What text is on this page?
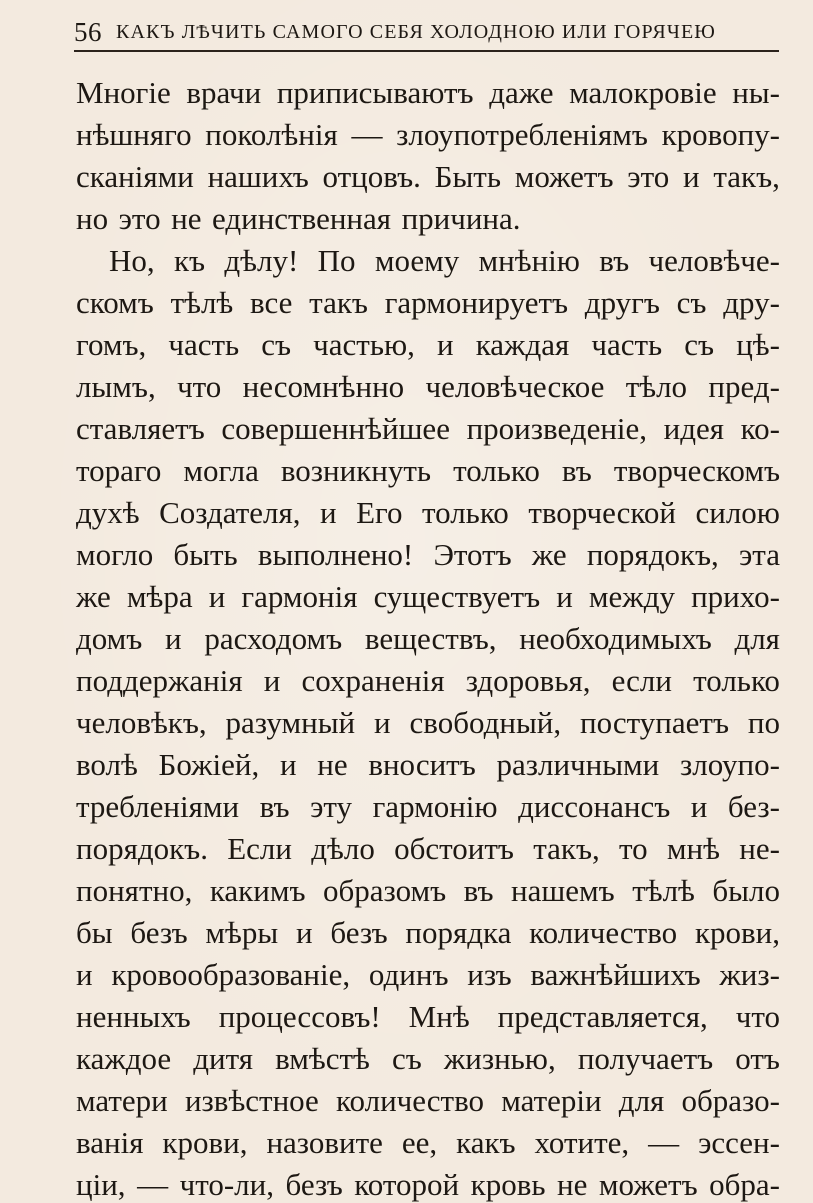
56 КАКЪ ЛѢЧИТЬ САМОГО СЕБЯ ХОЛОДНОЮ ИЛИ ГОРЯЧЕЮ
Многіе врачи приписываютъ даже малокровіе ны-
нѣшняго поколѣнія — злоупотребленіямъ кровопу-
сканіями нашихъ отцовъ. Быть можетъ это и такъ,
но это не единственная причина.
Но, къ дѣлу! По моему мнѣнію въ человѣче-
скомъ тѣлѣ все такъ гармонируетъ другъ съ дру-
гомъ, часть съ частью, и каждая часть съ цѣ-
лымъ, что несомнѣнно человѣческое тѣло пред-
ставляетъ совершеннѣйшее произведеніе, идея ко-
тораго могла возникнуть только въ творческомъ
духѣ Создателя, и Его только творческой силою
могло быть выполнено! Этотъ же порядокъ, эта
же мѣра и гармонія существуетъ и между прихо-
домъ и расходомъ веществъ, необходимыхъ для
поддержанія и сохраненія здоровья, если только
человѣкъ, разумный и свободный, поступаетъ по
волѣ Божіей, и не вноситъ различными злоупо-
требленіями въ эту гармонію диссонансъ и без-
порядокъ. Если дѣло обстоитъ такъ, то мнѣ не-
понятно, какимъ образомъ въ нашемъ тѣлѣ было
бы безъ мѣры и безъ порядка количество крови,
и кровообразованіе, одинъ изъ важнѣйшихъ жиз-
ненныхъ процессовъ! Мнѣ представляется, что
каждое дитя вмѣстѣ съ жизнью, получаетъ отъ
матери извѣстное количество матеріи для образо-
ванія крови, назовите ее, какъ хотите, — эссен-
ціи, — что-ли, безъ которой кровь не можетъ обра-
